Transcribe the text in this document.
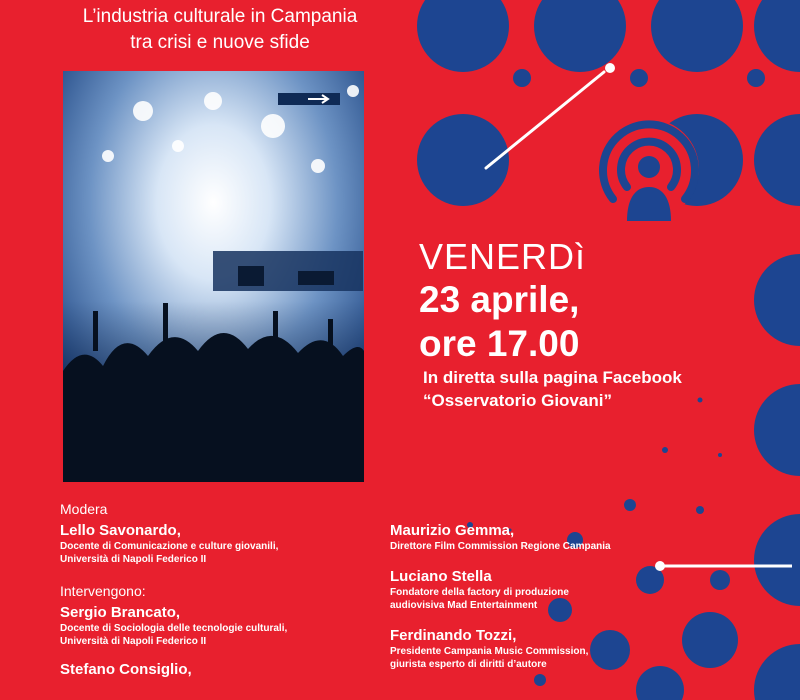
L’industria culturale in Campania
tra crisi e nuove sfide
VENERDì
23 aprile,
ore 17.00
In diretta sulla pagina Facebook
“Osservatorio Giovani”
Modera
Lello Savonardo,
Docente di Comunicazione e culture giovanili,
Università di Napoli Federico II
Intervengono:
Sergio Brancato,
Docente di Sociologia delle tecnologie culturali,
Università di Napoli Federico II
Stefano Consiglio,
Maurizio Gemma,
Direttore Film Commission Regione Campania
Luciano Stella
Fondatore della factory di produzione
audiovisiva Mad Entertainment
Ferdinando Tozzi,
Presidente Campania Music Commission,
giurista esperto di diritti d’autore
